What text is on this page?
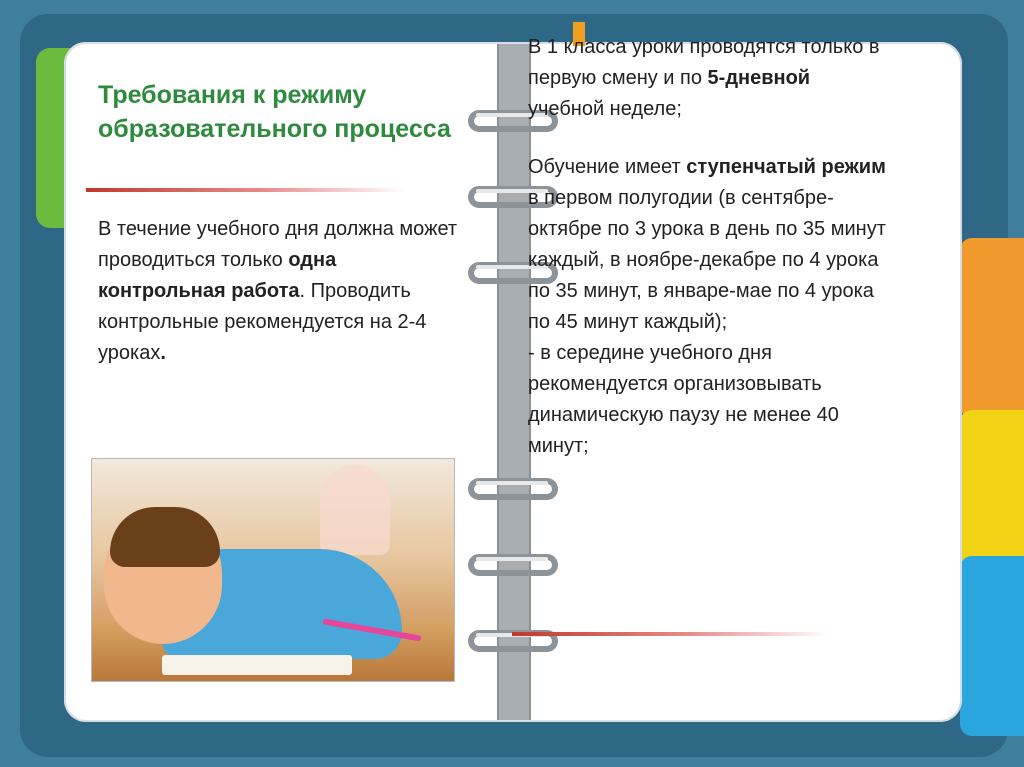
Требования к режиму образовательного процесса

В течение учебного дня должна может проводиться только одна контрольная работа. Проводить контрольные рекомендуется на 2-4 уроках.

В 1 класса уроки проводятся только в первую смену и по 5-дневной учебной неделе;

Обучение имеет ступенчатый режим в первом полугодии (в сентябре-октябре по 3 урока в день по 35 минут каждый, в ноябре-декабре по 4 урока по 35 минут, в январе-мае по 4 урока по 45 минут каждый);
- в середине учебного дня рекомендуется организовывать динамическую паузу не менее 40 минут;
